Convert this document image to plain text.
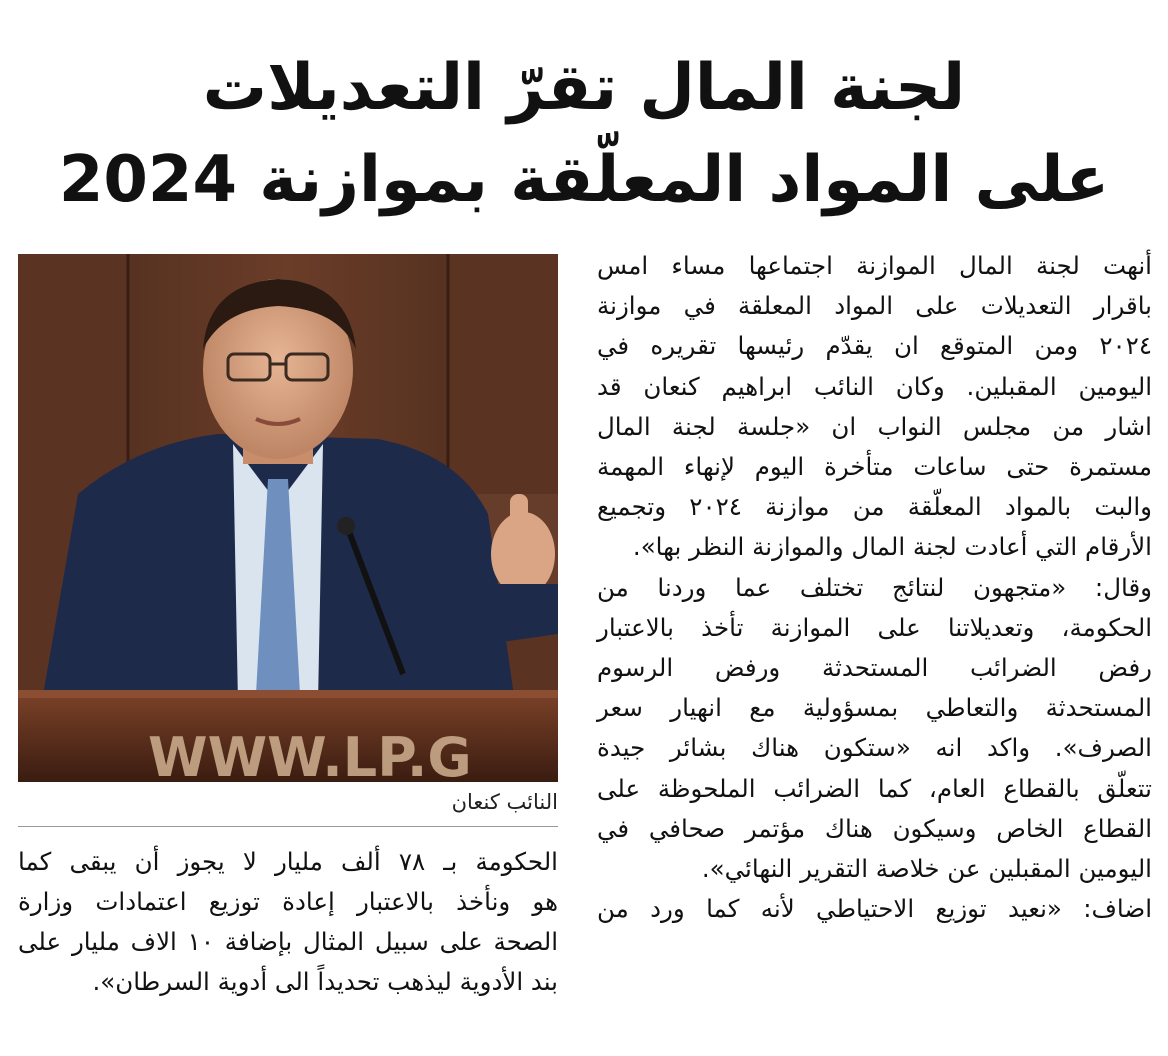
لجنة المال تقرّ التعديلات
على المواد المعلّقة بموازنة 2024
أنهت لجنة المال الموازنة اجتماعها مساء امس
باقرار التعديلات على المواد المعلقة في موازنة
٢٠٢٤ ومن المتوقع ان يقدّم رئيسها تقريره في
اليومين المقبلين. وكان النائب ابراهيم كنعان قد
اشار من مجلس النواب ان «جلسة لجنة المال
مستمرة حتى ساعات متأخرة اليوم لإنهاء المهمة
والبت بالمواد المعلّقة من موازنة ٢٠٢٤ وتجميع
الأرقام التي أعادت لجنة المال والموازنة النظر بها».
وقال: «متجهون لنتائج تختلف عما وردنا من
الحكومة، وتعديلاتنا على الموازنة تأخذ بالاعتبار
رفض الضرائب المستحدثة ورفض الرسوم
المستحدثة والتعاطي بمسؤولية مع انهيار سعر
الصرف». واكد انه «ستكون هناك بشائر جيدة
تتعلّق بالقطاع العام، كما الضرائب الملحوظة على
القطاع الخاص وسيكون هناك مؤتمر صحافي في
اليومين المقبلين عن خلاصة التقرير النهائي».
اضاف: «نعيد توزيع الاحتياطي لأنه كما ورد من
WWW.LP.G
النائب كنعان
الحكومة بـ ٧٨ ألف مليار لا يجوز أن يبقى كما
هو ونأخذ بالاعتبار إعادة توزيع اعتمادات وزارة
الصحة على سبيل المثال بإضافة ١٠ الاف مليار على
بند الأدوية ليذهب تحديداً الى أدوية السرطان».
